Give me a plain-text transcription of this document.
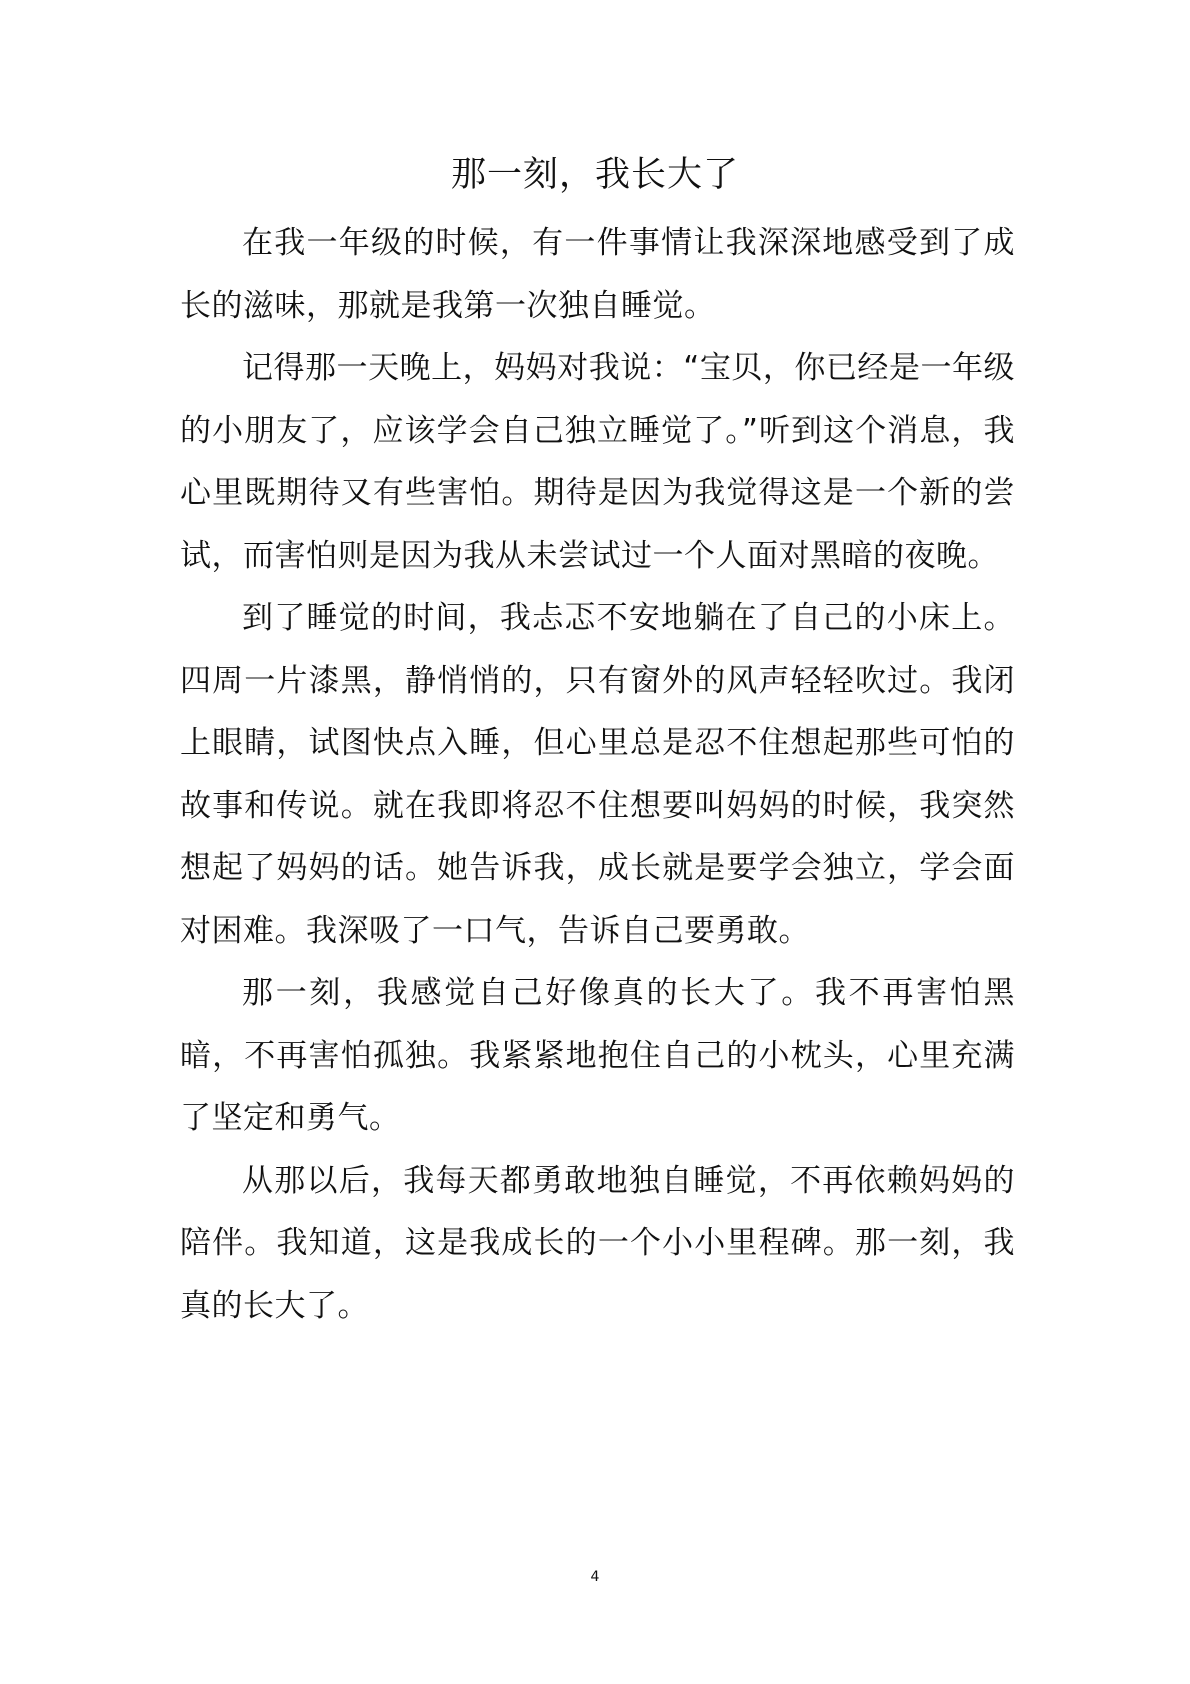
那一刻，我长大了

在我一年级的时候，有一件事情让我深深地感受到了成长的滋味，那就是我第一次独自睡觉。

记得那一天晚上，妈妈对我说：“宝贝，你已经是一年级的小朋友了，应该学会自己独立睡觉了。”听到这个消息，我心里既期待又有些害怕。期待是因为我觉得这是一个新的尝试，而害怕则是因为我从未尝试过一个人面对黑暗的夜晚。

到了睡觉的时间，我忐忑不安地躺在了自己的小床上。四周一片漆黑，静悄悄的，只有窗外的风声轻轻吹过。我闭上眼睛，试图快点入睡，但心里总是忍不住想起那些可怕的故事和传说。就在我即将忍不住想要叫妈妈的时候，我突然想起了妈妈的话。她告诉我，成长就是要学会独立，学会面对困难。我深吸了一口气，告诉自己要勇敢。

那一刻，我感觉自己好像真的长大了。我不再害怕黑暗，不再害怕孤独。我紧紧地抱住自己的小枕头，心里充满了坚定和勇气。

从那以后，我每天都勇敢地独自睡觉，不再依赖妈妈的陪伴。我知道，这是我成长的一个小小里程碑。那一刻，我真的长大了。

4
